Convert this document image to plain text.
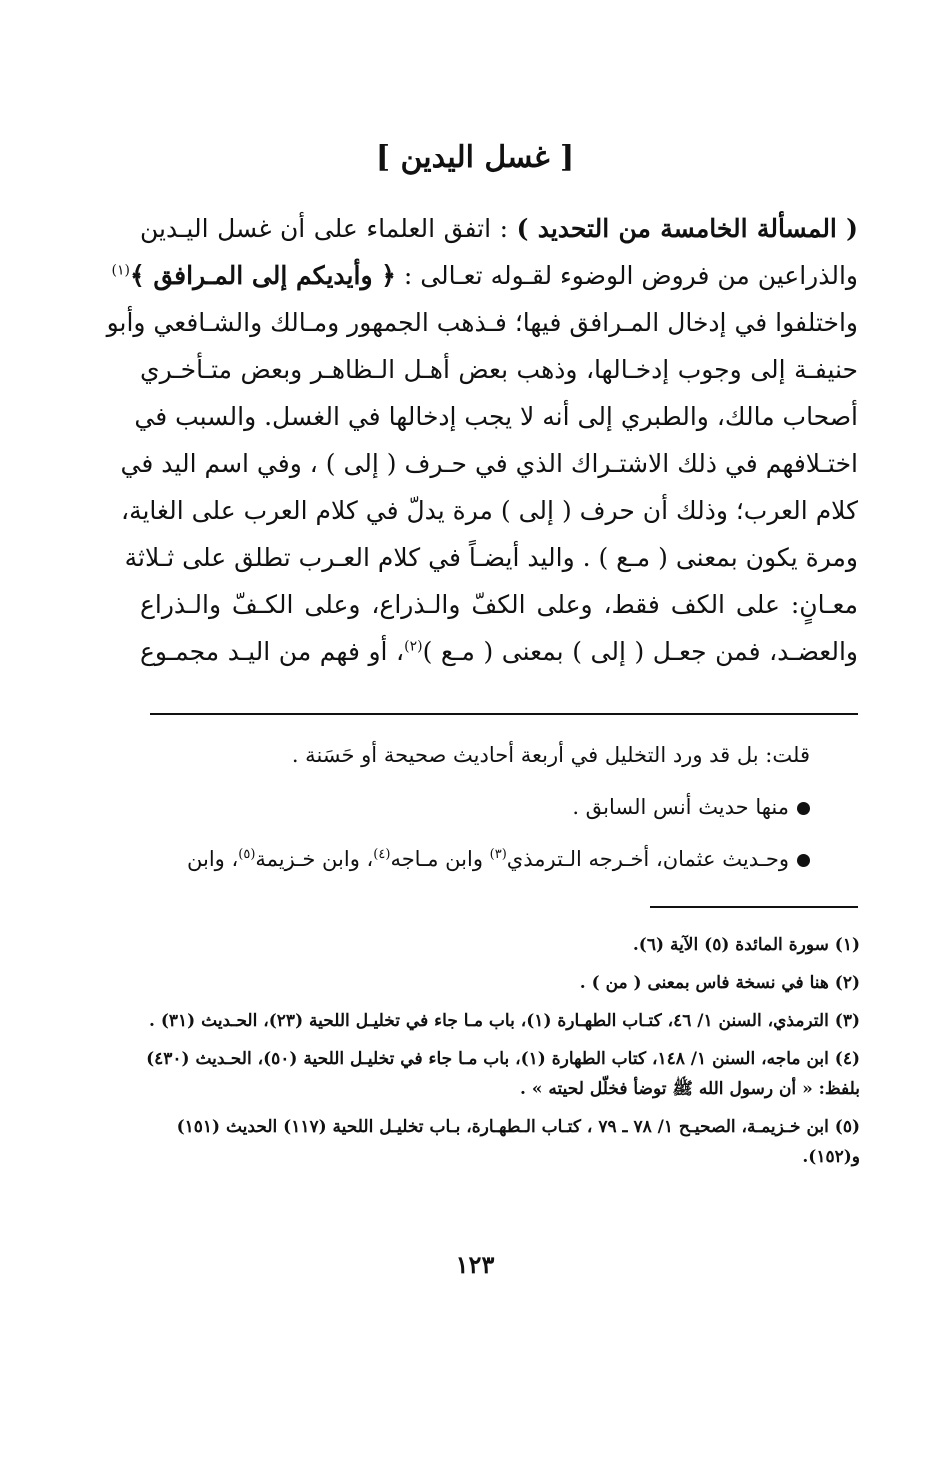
[ غسل اليدين ]
( المسألة الخامسة من التحديد ) : اتفق العلماء على أن غسل اليـدين
والذراعين من فروض الوضوء لقـوله تعـالى : ﴿ وأيديكم إلى المـرافق ﴾$^{(١)}$
واختلفوا في إدخال المـرافق فيها؛ فـذهب الجمهور ومـالك والشـافعي وأبو
حنيفـة إلى وجوب إدخـالها، وذهب بعض أهـل الـظاهـر وبعض متـأخـري
أصحاب مالك، والطبري إلى أنه لا يجب إدخالها في الغسل. والسبب في
اختـلافهم في ذلك الاشتـراك الذي في حـرف ( إلى ) ، وفي اسم اليد في
كلام العرب؛ وذلك أن حرف ( إلى ) مرة يدلّ في كلام العرب على الغاية،
ومرة يكون بمعنى ( مـع ) . واليد أيضـاً في كلام العـرب تطلق على ثـلاثة
معـانٍ: على الكف فقط، وعلى الكفّ والـذراع، وعلى الكـفّ والـذراع
والعضـد، فمن جعـل ( إلى ) بمعنى ( مـع )$^{(٢)}$، أو فهم من اليـد مجمـوع
قلت: بل قد ورد التخليل في أربعة أحاديث صحيحة أو حَسَنة .
منها حديث أنس السابق .
وحـديث عثمان، أخـرجه الـترمذي$^{(٣)}$ وابن مـاجه$^{(٤)}$، وابن خـزيمة$^{(٥)}$، وابن
(١) سورة المائدة (٥) الآية (٦).
(٢) هنا في نسخة فاس بمعنى ( من ) .
(٣) الترمذي، السنن ١/ ٤٦، كتـاب الطهـارة (١)، باب مـا جاء في تخليـل اللحية (٢٣)، الحـديث (٣١) .
(٤) ابن ماجه، السنن ١/ ١٤٨، كتاب الطهارة (١)، باب مـا جاء في تخليـل اللحية (٥٠)، الحـديث (٤٣٠) بلفظ: « أن رسول الله ﷺ توضأ فخلّل لحيته » .
(٥) ابن خـزيمـة، الصحيـح ١/ ٧٨ ـ ٧٩ ، كتـاب الـطهـارة، بـاب تخليـل اللحية (١١٧) الحديث (١٥١) و(١٥٢).
١٢٣
